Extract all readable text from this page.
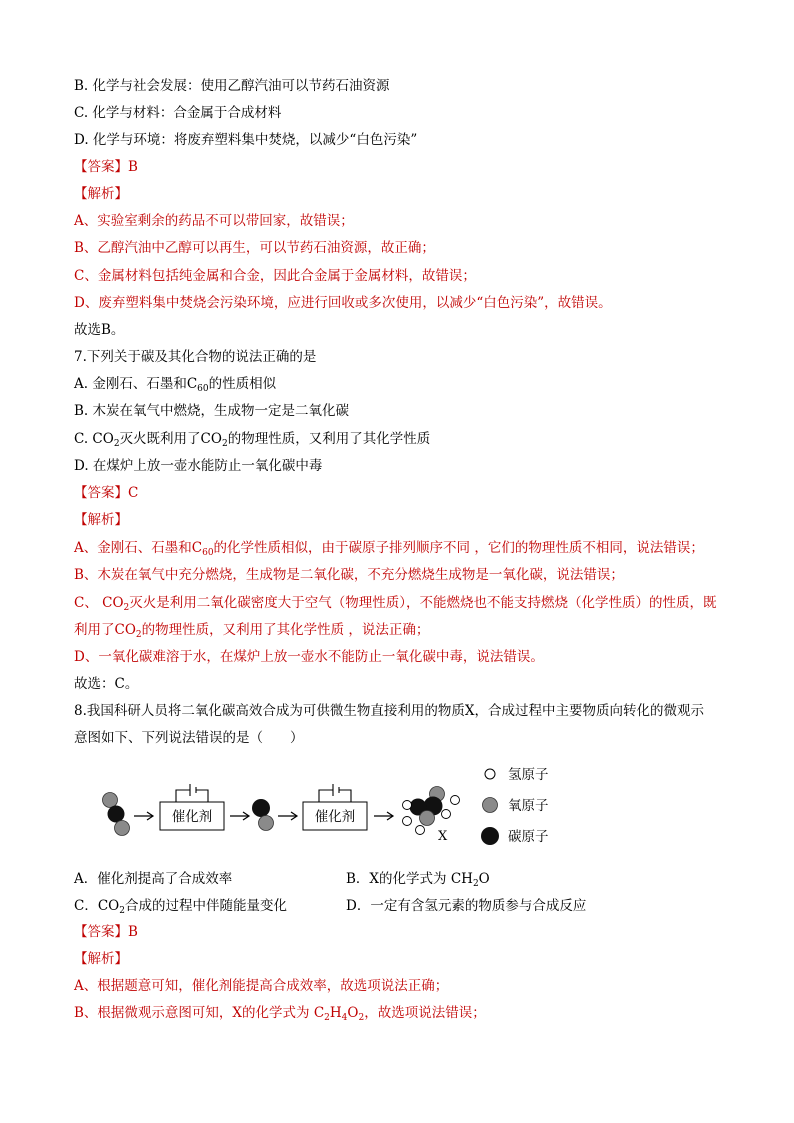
B. 化学与社会发展：使用乙醇汽油可以节药石油资源
C. 化学与材料：合金属于合成材料
D. 化学与环境：将废弃塑料集中焚烧，以减少“白色污染”
【答案】B
【解析】
A、实验室剩余的药品不可以带回家，故错误；
B、乙醇汽油中乙醇可以再生，可以节药石油资源，故正确；
C、金属材料包括纯金属和合金，因此合金属于金属材料，故错误；
D、废弃塑料集中焚烧会污染环境，应进行回收或多次使用，以减少“白色污染”，故错误。
故选B。
7.下列关于碳及其化合物的说法正确的是
A. 金刚石、石墨和$C_{60}$的性质相似
B. 木炭在氧气中燃烧，生成物一定是二氧化碳
C. $CO_2$灭火既利用了$CO_2$的物理性质，又利用了其化学性质
D. 在煤炉上放一壶水能防止一氧化碳中毒
【答案】C
【解析】
A、金刚石、石墨和$C_{60}$的化学性质相似，由于碳原子排列顺序不同 ，它们的物理性质不相同，说法错误；
B、木炭在氧气中充分燃烧，生成物是二氧化碳，不充分燃烧生成物是一氧化碳，说法错误；
C、 $CO_2$灭火是利用二氧化碳密度大于空气（物理性质），不能燃烧也不能支持燃烧（化学性质）的性质，既
利用了$CO_2$的物理性质，又利用了其化学性质 ，说法正确；
D、一氧化碳难溶于水，在煤炉上放一壶水不能防止一氧化碳中毒，说法错误。
故选：C。
8.我国科研人员将二氧化碳高效合成为可供微生物直接利用的物质X，合成过程中主要物质向转化的微观示
意图如下、下列说法错误的是（　　）
催化剂	催化剂
X
氢原子
氧原子
碳原子
A．催化剂提高了合成效率	B．X的化学式为 $CH_2O$
C．$CO_2$合成的过程中伴随能量变化	D．一定有含氢元素的物质参与合成反应
【答案】B
【解析】
A、根据题意可知，催化剂能提高合成效率，故选项说法正确；
B、根据微观示意图可知，X的化学式为 $C_2H_4O_2$，故选项说法错误；
